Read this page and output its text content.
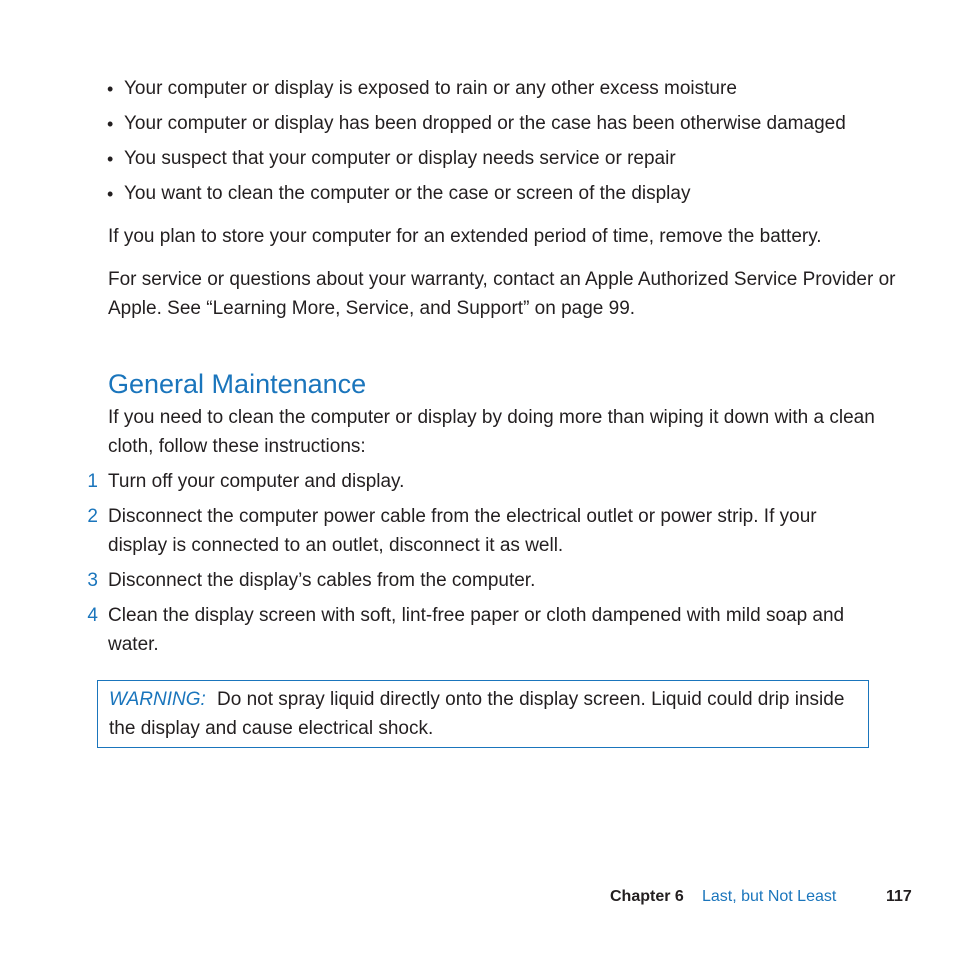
• Your computer or display is exposed to rain or any other excess moisture
• Your computer or display has been dropped or the case has been otherwise damaged
• You suspect that your computer or display needs service or repair
• You want to clean the computer or the case or screen of the display
If you plan to store your computer for an extended period of time, remove the battery.
For service or questions about your warranty, contact an Apple Authorized Service Provider or Apple. See “Learning More, Service, and Support” on page 99.
General Maintenance
If you need to clean the computer or display by doing more than wiping it down with a clean cloth, follow these instructions:
1 Turn off your computer and display.
2 Disconnect the computer power cable from the electrical outlet or power strip. If your display is connected to an outlet, disconnect it as well.
3 Disconnect the display’s cables from the computer.
4 Clean the display screen with soft, lint-free paper or cloth dampened with mild soap and water.
WARNING: Do not spray liquid directly onto the display screen. Liquid could drip inside the display and cause electrical shock.
Chapter 6 Last, but Not Least	117
